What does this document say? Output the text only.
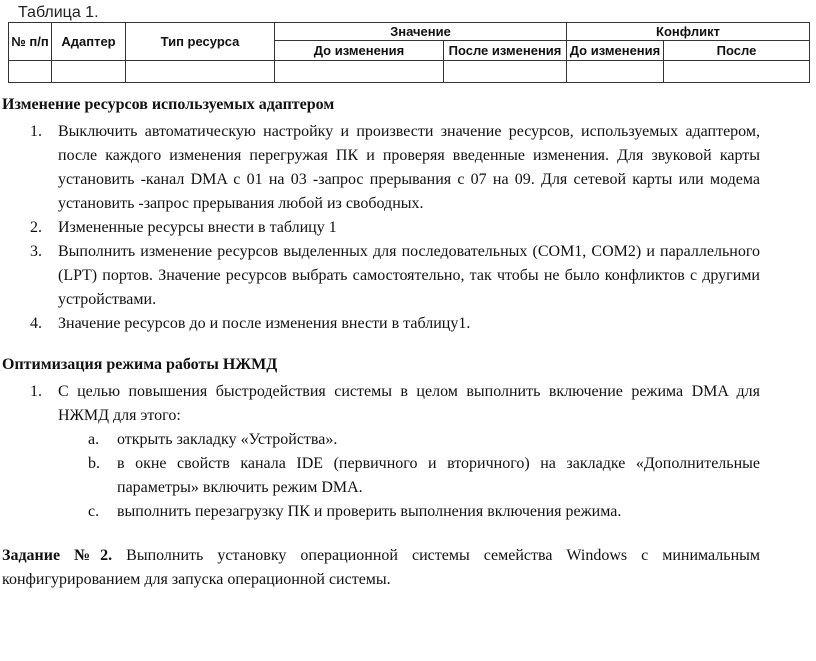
Таблица 1.
№ п/п	Адаптер	Тип ресурса	Значение		Конфликт	
			До изменения	После изменения	До изменения	После

Изменение ресурсов используемых адаптером
1. Выключить автоматическую настройку и произвести значение ресурсов, используемых адаптером, после каждого изменения перегружая ПК и проверяя введенные изменения. Для звуковой карты установить -канал DMA с 01 на 03 -запрос прерывания с 07 на 09. Для сетевой карты или модема установить -запрос прерывания любой из свободных.
2. Измененные ресурсы внести в таблицу 1
3. Выполнить изменение ресурсов выделенных для последовательных (COM1, COM2) и параллельного (LPT) портов. Значение ресурсов выбрать самостоятельно, так чтобы не было конфликтов с другими устройствами.
4. Значение ресурсов до и после изменения внести в таблицу1.
Оптимизация режима работы НЖМД
1. С целью повышения быстродействия системы в целом выполнить включение режима DMA для НЖМД для этого:
a. открыть закладку «Устройства».
b. в окне свойств канала IDE (первичного и вторичного) на закладке «Дополнительные параметры» включить режим DMA.
c. выполнить перезагрузку ПК и проверить выполнения включения режима.
Задание №2. Выполнить установку операционной системы семейства Windows с минимальным конфигурированием для запуска операционной системы.
